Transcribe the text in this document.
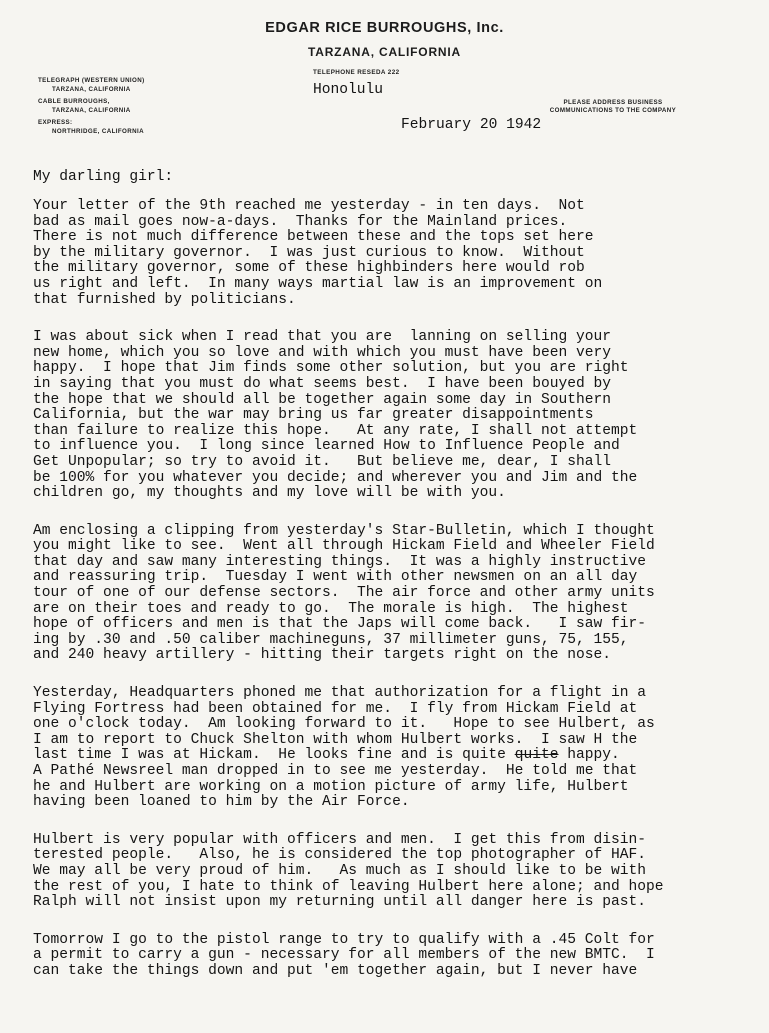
EDGAR RICE BURROUGHS, Inc.
TARZANA, CALIFORNIA
TELEPHONE RESEDA 222
TELEGRAPH (WESTERN UNION)
TARZANA, CALIFORNIA
CABLE BURROUGHS,
TARZANA, CALIFORNIA
EXPRESS:
NORTHRIDGE, CALIFORNIA
PLEASE ADDRESS BUSINESS
COMMUNICATIONS TO THE COMPANY
Honolulu
February 20 1942
My darling girl:
Your letter of the 9th reached me yesterday - in ten days.  Not
bad as mail goes now-a-days.  Thanks for the Mainland prices.
There is not much difference between these and the tops set here
by the military governor.  I was just curious to know.  Without
the military governor, some of these highbinders here would rob
us right and left.  In many ways martial law is an improvement on
that furnished by politicians.
I was about sick when I read that you are  lanning on selling your
new home, which you so love and with which you must have been very
happy.  I hope that Jim finds some other solution, but you are right
in saying that you must do what seems best.  I have been bouyed by
the hope that we should all be together again some day in Southern
California, but the war may bring us far greater disappointments
than failure to realize this hope.   At any rate, I shall not attempt
to influence you.  I long since learned How to Influence People and
Get Unpopular; so try to avoid it.   But believe me, dear, I shall
be 100% for you whatever you decide; and wherever you and Jim and the
children go, my thoughts and my love will be with you.
Am enclosing a clipping from yesterday's Star-Bulletin, which I thought
you might like to see.  Went all through Hickam Field and Wheeler Field
that day and saw many interesting things.  It was a highly instructive
and reassuring trip.  Tuesday I went with other newsmen on an all day
tour of one of our defense sectors.  The air force and other army units
are on their toes and ready to go.  The morale is high.  The highest
hope of officers and men is that the Japs will come back.   I saw fir-
ing by .30 and .50 caliber machineguns, 37 millimeter guns, 75, 155,
and 240 heavy artillery - hitting their targets right on the nose.
Yesterday, Headquarters phoned me that authorization for a flight in a
Flying Fortress had been obtained for me.  I fly from Hickam Field at
one o'clock today.  Am looking forward to it.   Hope to see Hulbert, as
I am to report to Chuck Shelton with whom Hulbert works.  I saw H the
last time I was at Hickam.  He looks fine and is quite quite happy.
A Pathé Newsreel man dropped in to see me yesterday.  He told me that
he and Hulbert are working on a motion picture of army life, Hulbert
having been loaned to him by the Air Force.
Hulbert is very popular with officers and men.  I get this from disin-
terested people.   Also, he is considered the top photographer of HAF.
We may all be very proud of him.   As much as I should like to be with
the rest of you, I hate to think of leaving Hulbert here alone; and hope
Ralph will not insist upon my returning until all danger here is past.
Tomorrow I go to the pistol range to try to qualify with a .45 Colt for
a permit to carry a gun - necessary for all members of the new BMTC.  I
can take the things down and put 'em together again, but I never have
